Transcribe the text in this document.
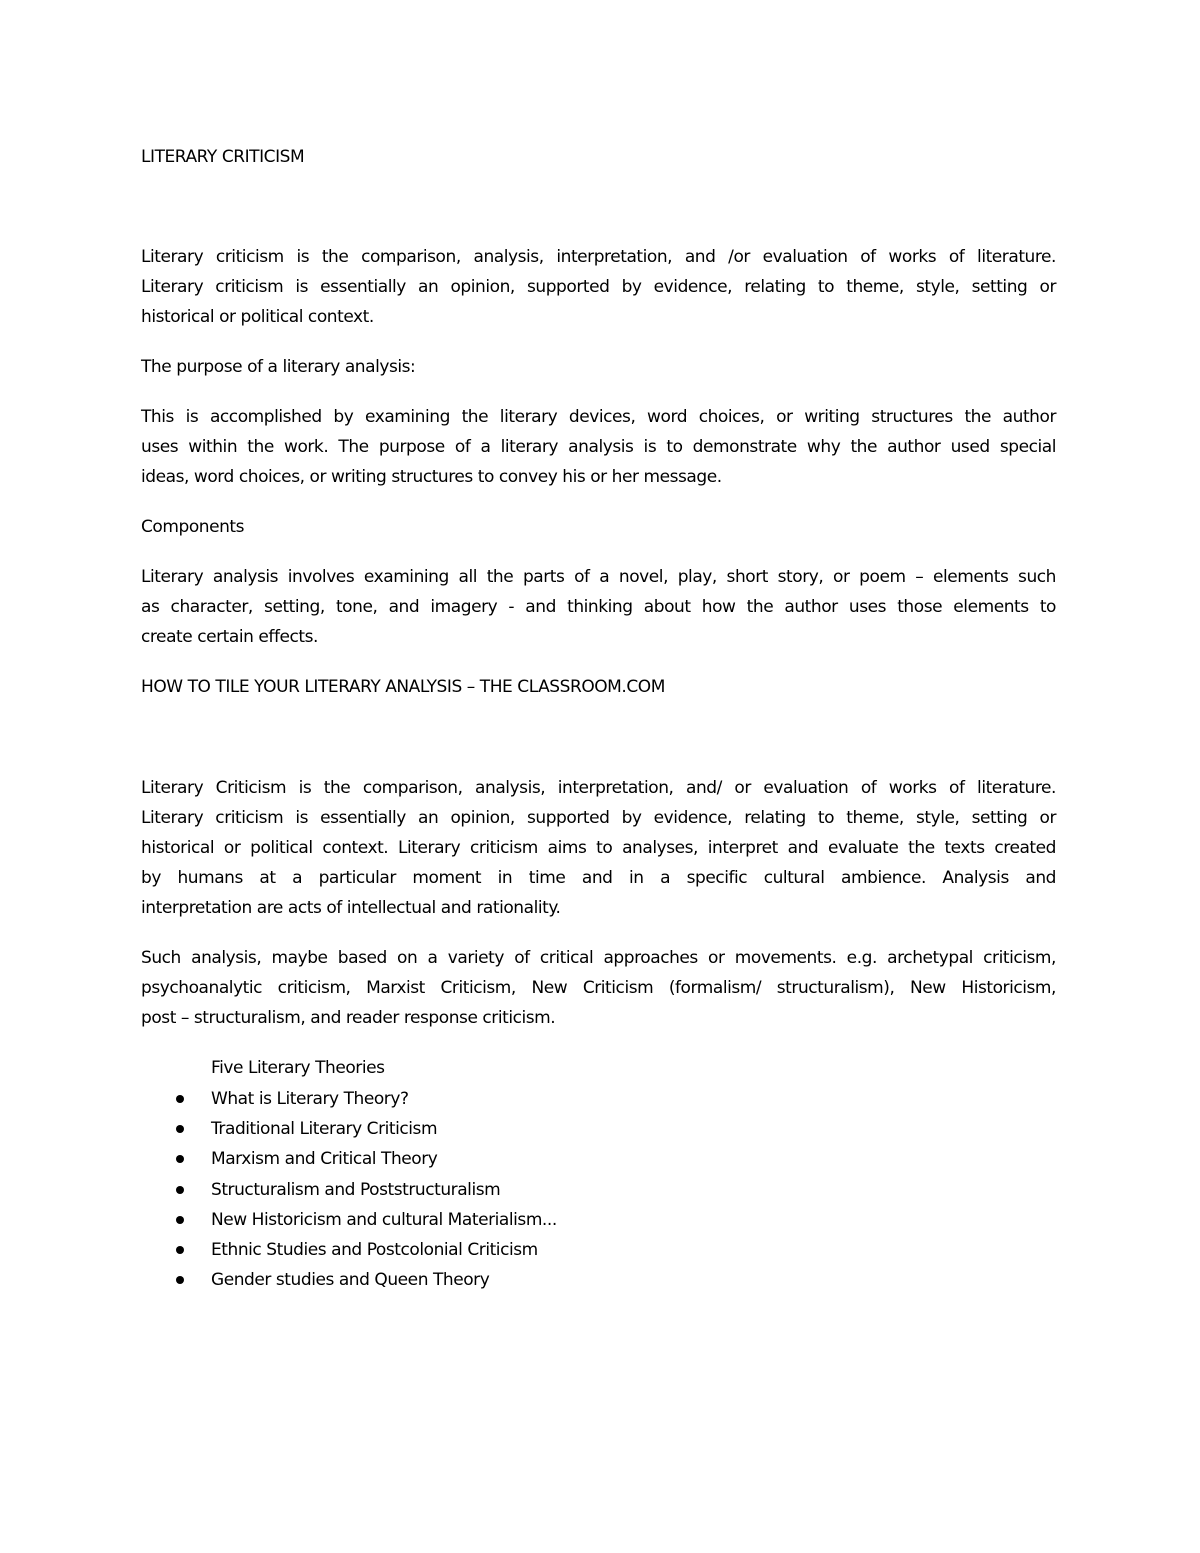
LITERARY CRITICISM
Literary criticism is the comparison, analysis, interpretation, and /or evaluation of works of literature.
Literary criticism is essentially an opinion, supported by evidence, relating to theme, style, setting or
historical or political context.
The purpose of a literary analysis:
This is accomplished by examining the literary devices, word choices, or writing structures the author
uses within the work. The purpose of a literary analysis is to demonstrate why the author used special
ideas, word choices, or writing structures to convey his or her message.
Components
Literary analysis involves examining all the parts of a novel, play, short story, or poem – elements such
as character, setting, tone, and imagery - and thinking about how the author uses those elements to
create certain effects.
HOW TO TILE YOUR LITERARY ANALYSIS – THE CLASSROOM.COM
Literary Criticism is the comparison, analysis, interpretation, and/ or evaluation of works of literature.
Literary criticism is essentially an opinion, supported by evidence, relating to theme, style, setting or
historical or political context. Literary criticism aims to analyses, interpret and evaluate the texts created
by humans at a particular moment in time and in a specific cultural ambience. Analysis and
interpretation are acts of intellectual and rationality.
Such analysis, maybe based on a variety of critical approaches or movements. e.g. archetypal criticism,
psychoanalytic criticism, Marxist Criticism, New Criticism (formalism/ structuralism), New Historicism,
post – structuralism, and reader response criticism.
Five Literary Theories
What is Literary Theory?
Traditional Literary Criticism
Marxism and Critical Theory
Structuralism and Poststructuralism
New Historicism and cultural Materialism...
Ethnic Studies and Postcolonial Criticism
Gender studies and Queen Theory
